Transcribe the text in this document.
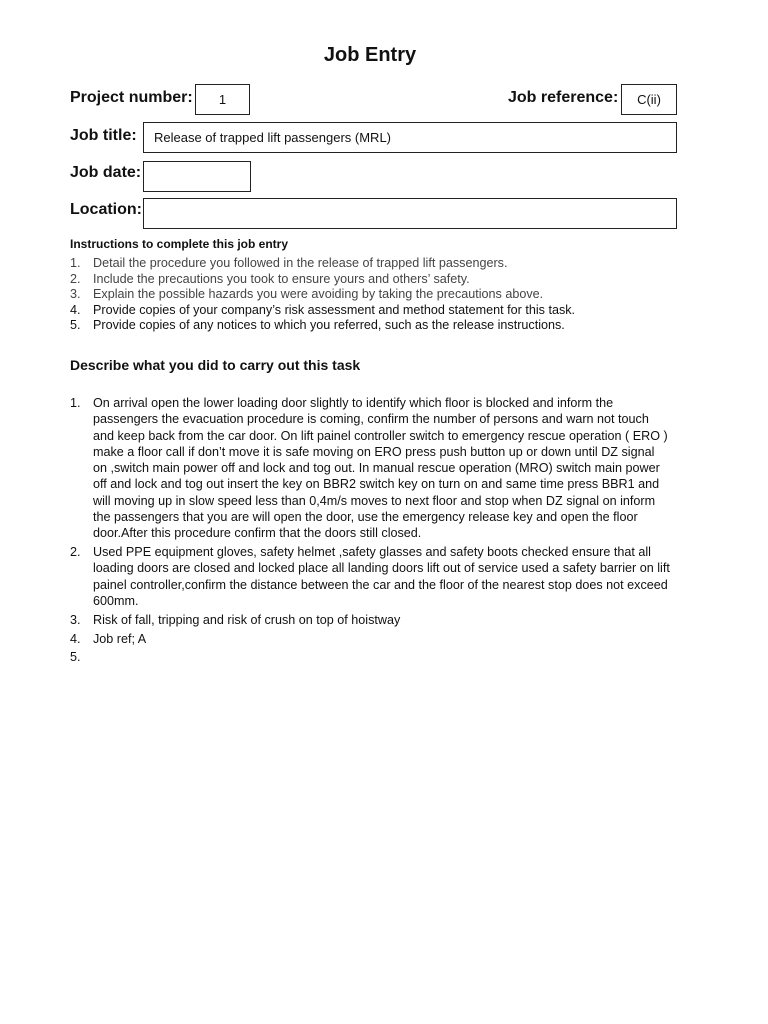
Job Entry
Project number:	1	Job reference:	C(ii)
Job title:	Release of trapped lift passengers (MRL)
Job date:
Location:
Instructions to complete this job entry
1. Detail the procedure you followed in the release of trapped lift passengers.
2. Include the precautions you took to ensure yours and others’ safety.
3. Explain the possible hazards you were avoiding by taking the precautions above.
4. Provide copies of your company’s risk assessment and method statement for this task.
5. Provide copies of any notices to which you referred, such as the release instructions.
Describe what you did to carry out this task
1. On arrival open the lower loading door slightly to identify which floor is blocked and inform the passengers the evacuation procedure is coming, confirm the number of persons and warn not touch and keep back from the car door. On lift painel controller switch to emergency rescue operation ( ERO ) make a floor call if don’t move it is safe moving on ERO press push button up or down until DZ signal on ,switch main power off and lock and tog out. In manual rescue operation (MRO) switch main power off and lock and tog out insert the key on BBR2 switch key on turn on and same time press BBR1 and will moving up in slow speed less than 0,4m/s moves to next floor and stop when DZ signal on inform the passengers that you are will open the door, use the emergency release key and open the floor door.After this procedure confirm that the doors still closed.
2. Used PPE equipment gloves, safety helmet ,safety glasses and safety boots checked ensure that all loading doors are closed and locked place all landing doors lift out of service used a safety barrier on lift painel controller,confirm the distance between the car and the floor of the nearest stop does not exceed 600mm.
3. Risk of fall, tripping and risk of crush on top of hoistway
4. Job ref; A
5.
